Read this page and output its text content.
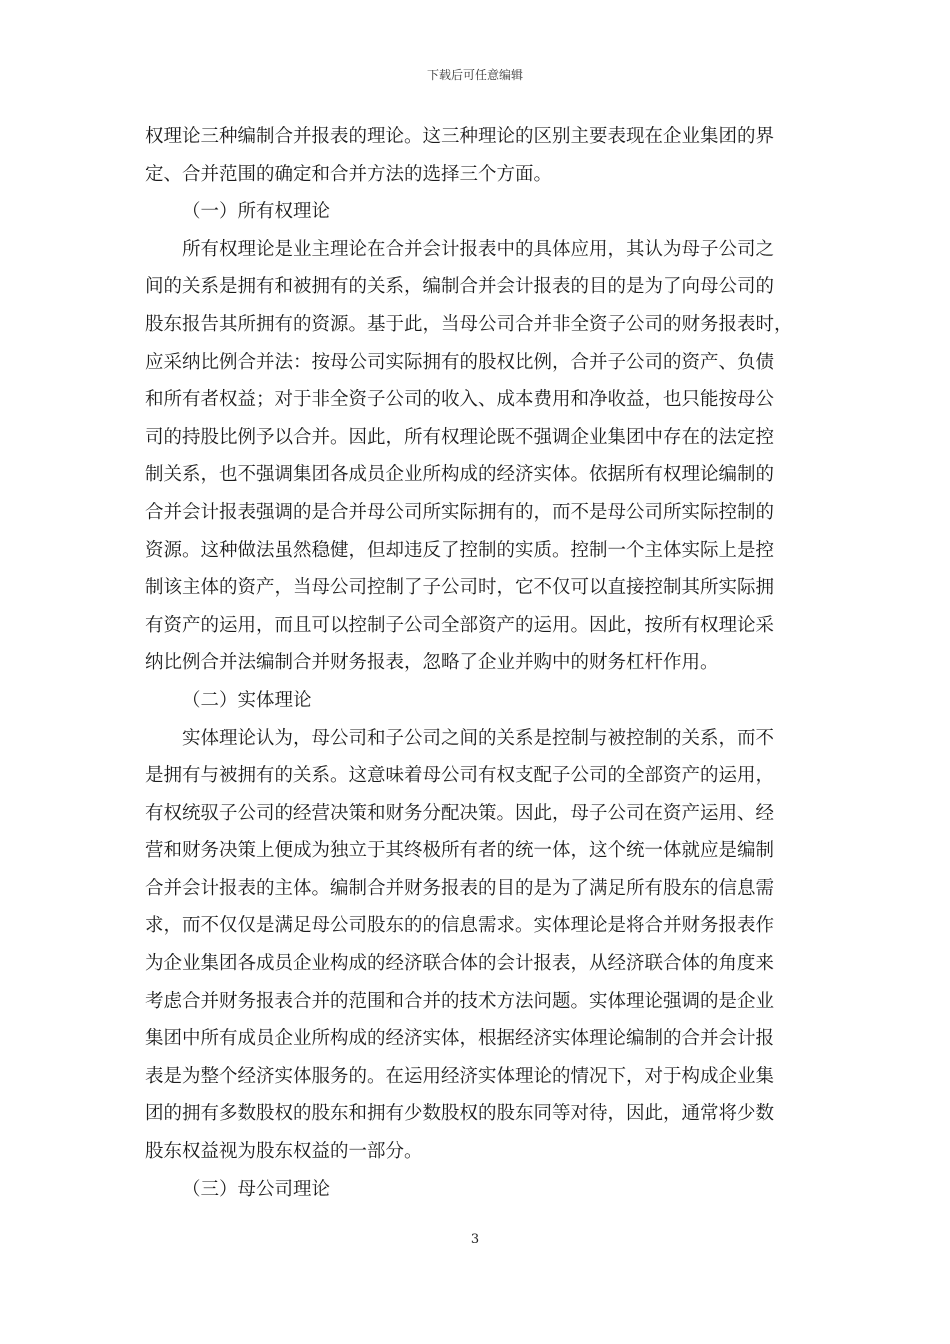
下载后可任意编辑
权理论三种编制合并报表的理论。这三种理论的区别主要表现在企业集团的界
定、合并范围的确定和合并方法的选择三个方面。
（一）所有权理论
所有权理论是业主理论在合并会计报表中的具体应用，其认为母子公司之
间的关系是拥有和被拥有的关系，编制合并会计报表的目的是为了向母公司的
股东报告其所拥有的资源。基于此，当母公司合并非全资子公司的财务报表时，
应采纳比例合并法：按母公司实际拥有的股权比例，合并子公司的资产、负债
和所有者权益；对于非全资子公司的收入、成本费用和净收益，也只能按母公
司的持股比例予以合并。因此，所有权理论既不强调企业集团中存在的法定控
制关系，也不强调集团各成员企业所构成的经济实体。依据所有权理论编制的
合并会计报表强调的是合并母公司所实际拥有的，而不是母公司所实际控制的
资源。这种做法虽然稳健，但却违反了控制的实质。控制一个主体实际上是控
制该主体的资产，当母公司控制了子公司时，它不仅可以直接控制其所实际拥
有资产的运用，而且可以控制子公司全部资产的运用。因此，按所有权理论采
纳比例合并法编制合并财务报表，忽略了企业并购中的财务杠杆作用。
（二）实体理论
实体理论认为，母公司和子公司之间的关系是控制与被控制的关系，而不
是拥有与被拥有的关系。这意味着母公司有权支配子公司的全部资产的运用，
有权统驭子公司的经营决策和财务分配决策。因此，母子公司在资产运用、经
营和财务决策上便成为独立于其终极所有者的统一体，这个统一体就应是编制
合并会计报表的主体。编制合并财务报表的目的是为了满足所有股东的信息需
求，而不仅仅是满足母公司股东的的信息需求。实体理论是将合并财务报表作
为企业集团各成员企业构成的经济联合体的会计报表，从经济联合体的角度来
考虑合并财务报表合并的范围和合并的技术方法问题。实体理论强调的是企业
集团中所有成员企业所构成的经济实体，根据经济实体理论编制的合并会计报
表是为整个经济实体服务的。在运用经济实体理论的情况下，对于构成企业集
团的拥有多数股权的股东和拥有少数股权的股东同等对待，因此，通常将少数
股东权益视为股东权益的一部分。
（三）母公司理论
3
